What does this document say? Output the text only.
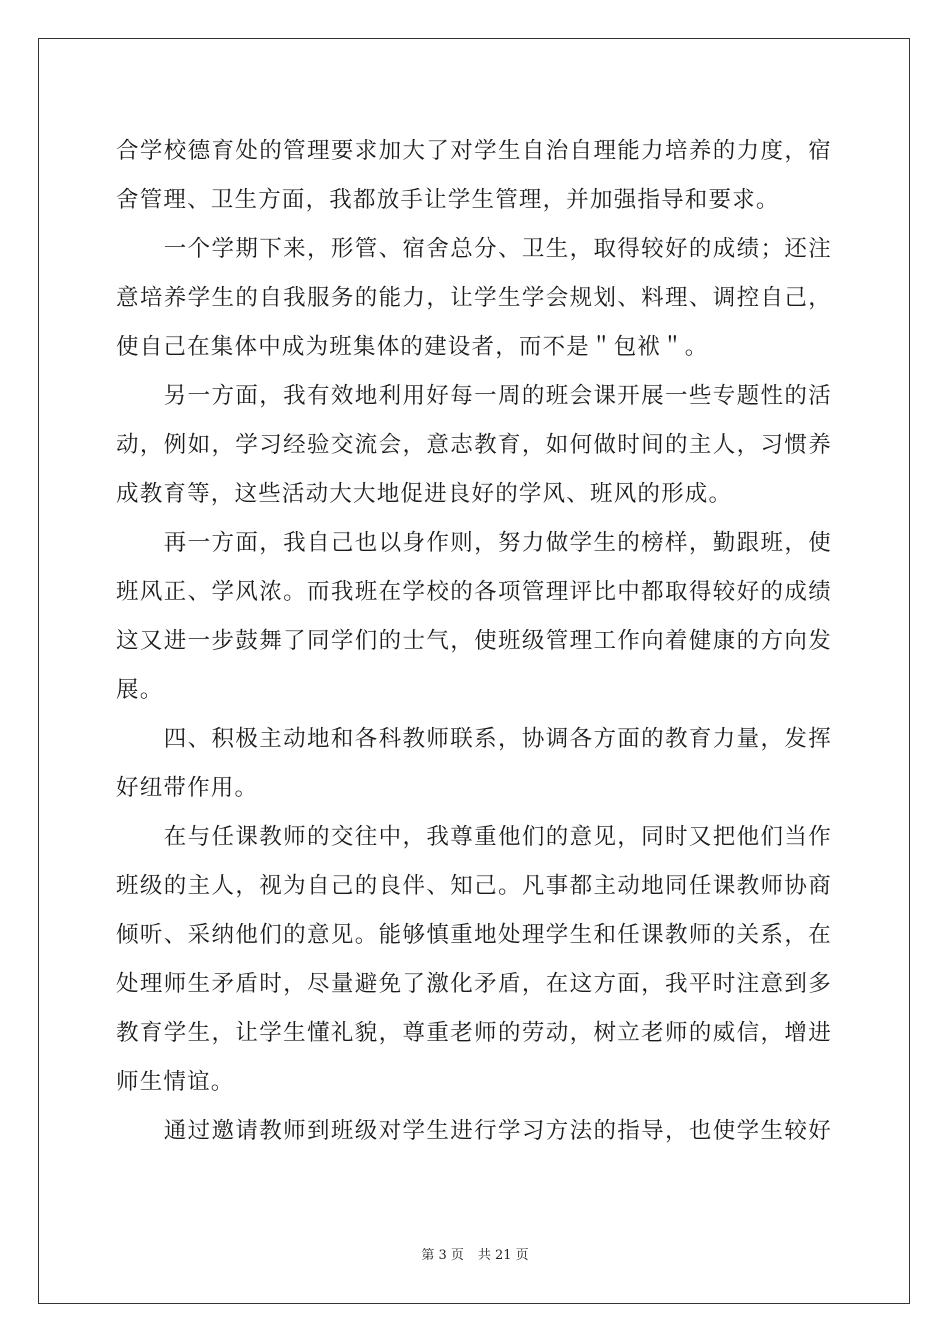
合学校德育处的管理要求加大了对学生自治自理能力培养的力度，宿
舍管理、卫生方面，我都放手让学生管理，并加强指导和要求。
　　一个学期下来，形管、宿舍总分、卫生，取得较好的成绩；还注
意培养学生的自我服务的能力，让学生学会规划、料理、调控自己，
使自己在集体中成为班集体的建设者，而不是＂包袱＂。
　　另一方面，我有效地利用好每一周的班会课开展一些专题性的活
动，例如，学习经验交流会，意志教育，如何做时间的主人，习惯养
成教育等，这些活动大大地促进良好的学风、班风的形成。
　　再一方面，我自己也以身作则，努力做学生的榜样，勤跟班，使
班风正、学风浓。而我班在学校的各项管理评比中都取得较好的成绩
这又进一步鼓舞了同学们的士气，使班级管理工作向着健康的方向发
展。
　　四、积极主动地和各科教师联系，协调各方面的教育力量，发挥
好纽带作用。
　　在与任课教师的交往中，我尊重他们的意见，同时又把他们当作
班级的主人，视为自己的良伴、知己。凡事都主动地同任课教师协商
倾听、采纳他们的意见。能够慎重地处理学生和任课教师的关系，在
处理师生矛盾时，尽量避免了激化矛盾，在这方面，我平时注意到多
教育学生，让学生懂礼貌，尊重老师的劳动，树立老师的威信，增进
师生情谊。
　　通过邀请教师到班级对学生进行学习方法的指导，也使学生较好
第 3 页 共 21 页
